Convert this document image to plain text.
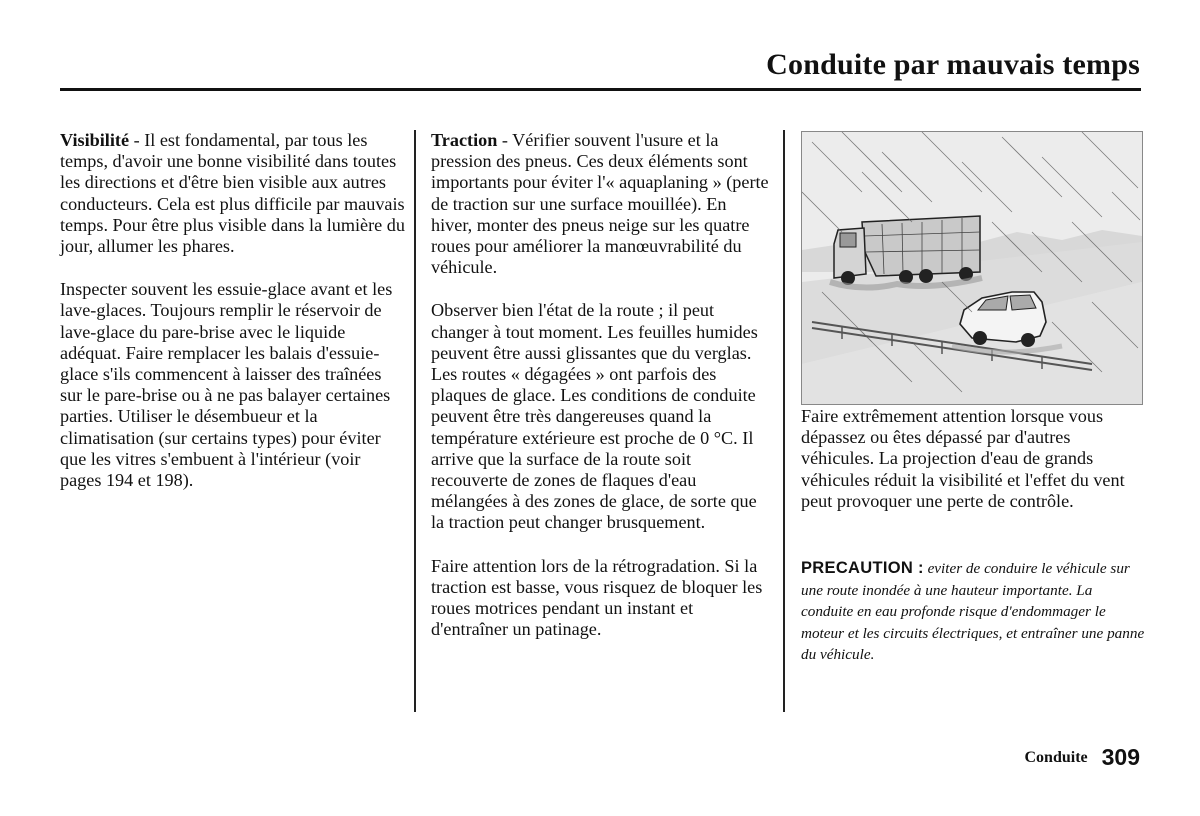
Conduite par mauvais temps

Visibilité - Il est fondamental, par tous les temps, d'avoir une bonne visibilité dans toutes les directions et d'être bien visible aux autres conducteurs. Cela est plus difficile par mauvais temps. Pour être plus visible dans la lumière du jour, allumer les phares.

Inspecter souvent les essuie-glace avant et les lave-glaces. Toujours remplir le réservoir de lave-glace du pare-brise avec le liquide adéquat. Faire remplacer les balais d'essuie-glace s'ils commencent à laisser des traînées sur le pare-brise ou à ne pas balayer certaines parties. Utiliser le désembueur et la climatisation (sur certains types) pour éviter que les vitres s'embuent à l'intérieur (voir pages 194 et 198).

Traction - Vérifier souvent l'usure et la pression des pneus. Ces deux éléments sont importants pour éviter l'« aquaplaning » (perte de traction sur une surface mouillée). En hiver, monter des pneus neige sur les quatre roues pour améliorer la manœuvrabilité du véhicule.

Observer bien l'état de la route ; il peut changer à tout moment. Les feuilles humides peuvent être aussi glissantes que du verglas. Les routes « dégagées » ont parfois des plaques de glace. Les conditions de conduite peuvent être très dangereuses quand la température extérieure est proche de 0 °C. Il arrive que la surface de la route soit recouverte de zones de flaques d'eau mélangées à des zones de glace, de sorte que la traction peut changer brusquement.

Faire attention lors de la rétrogradation. Si la traction est basse, vous risquez de bloquer les roues motrices pendant un instant et d'entraîner un patinage.

Faire extrêmement attention lorsque vous dépassez ou êtes dépassé par d'autres véhicules. La projection d'eau de grands véhicules réduit la visibilité et l'effet du vent peut provoquer une perte de contrôle.
PRECAUTION : eviter de conduire le véhicule sur une route inondée à une hauteur importante. La conduite en eau profonde risque d'endommager le moteur et les circuits électriques, et entraîner une panne du véhicule.
Conduite 309
